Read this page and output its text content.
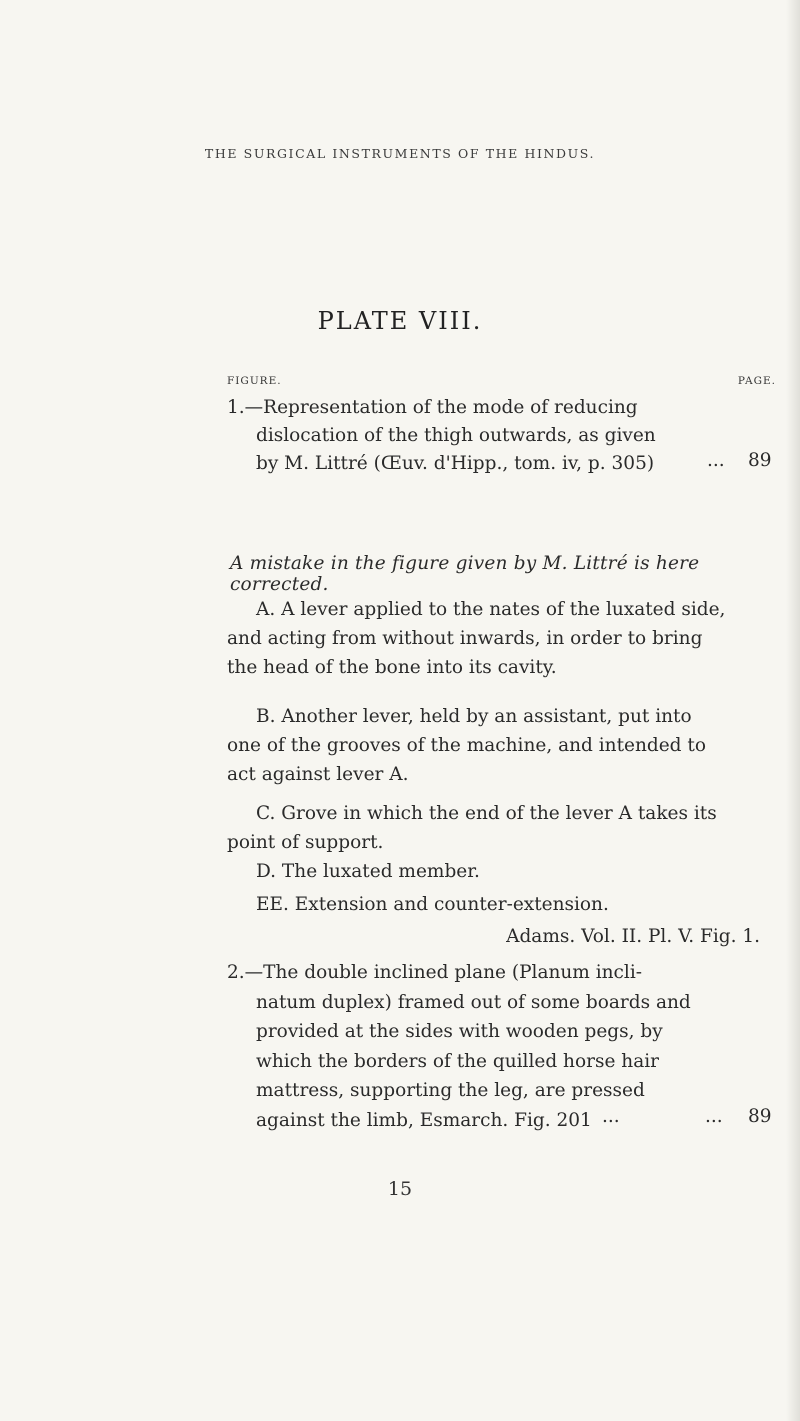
THE SURGICAL INSTRUMENTS OF THE HINDUS.
PLATE VIII.
FIGURE.	PAGE.
1.—Representation of the mode of reducing
dislocation of the thigh outwards, as given
by M. Littré (Œuv. d'Hipp., tom. iv, p. 305)	... 89
A mistake in the figure given by M. Littré is here corrected.
A. A lever applied to the nates of the luxated side, and acting from without inwards, in order to bring the head of the bone into its cavity.
B. Another lever, held by an assistant, put into one of the grooves of the machine, and intended to act against lever A.
C. Grove in which the end of the lever A takes its point of support.
D. The luxated member.
EE. Extension and counter-extension.
Adams. Vol. II. Pl. V. Fig. 1.
2.—The double inclined plane (Planum incli- natum duplex) framed out of some boards and provided at the sides with wooden pegs, by which the borders of the quilled horse hair mattress, supporting the leg, are pressed against the limb, Esmarch. Fig. 201 ...	... 89
15
